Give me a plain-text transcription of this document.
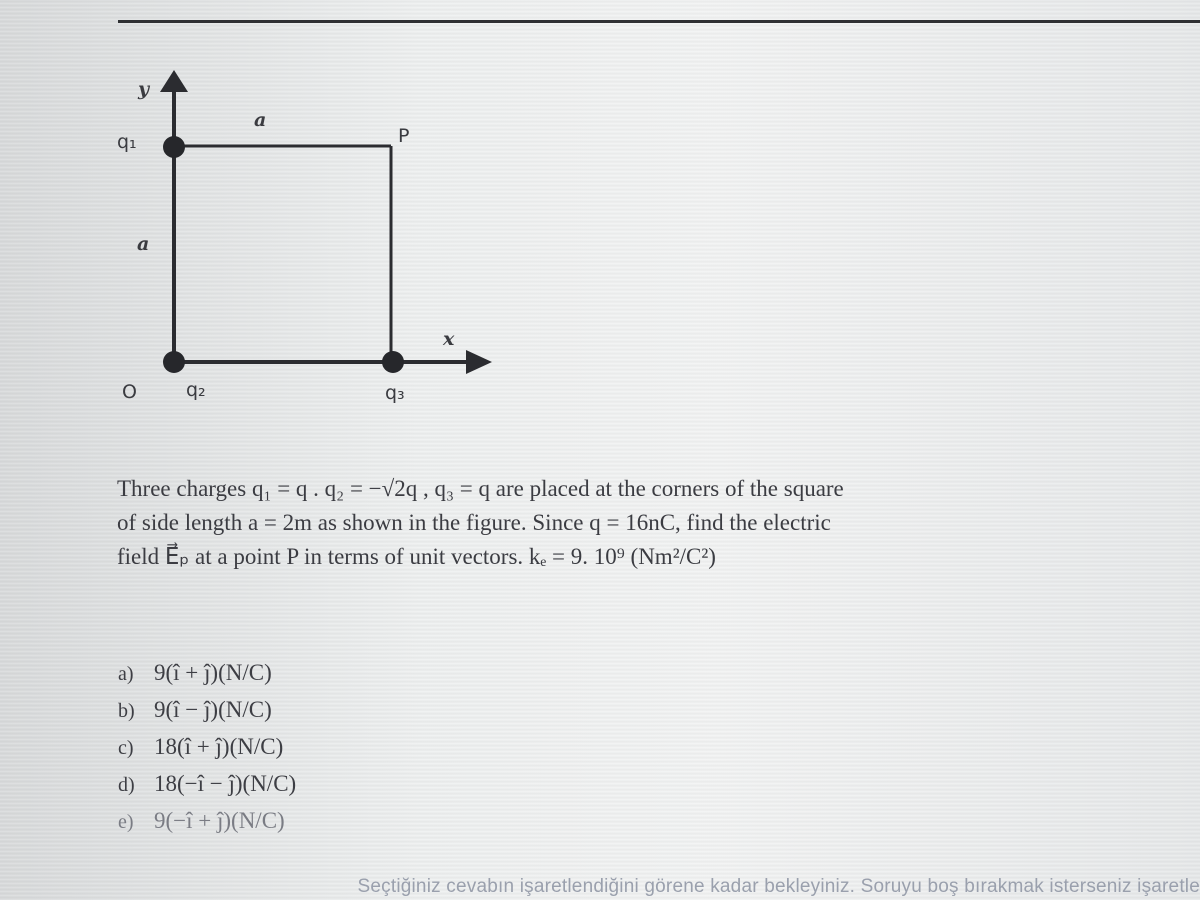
y
q₁
a
P
a
x
O	q₂	q₃

Three charges q₁ = q . q₂ = −√2q , q₃ = q are placed at the corners of the square

of side length a = 2m as shown in the figure. Since q = 16nC, find the electric

field E⃗ₚ at a point P in terms of unit vectors. kₑ = 9. 10⁹ (Nm²/C²)

a) 9(î + ĵ)(N/C)
b) 9(î − ĵ)(N/C)
c) 18(î + ĵ)(N/C)
d) 18(−î − ĵ)(N/C)
e) 9(−î + ĵ)(N/C)
Seçtiğiniz cevabın işaretlendiğini görene kadar bekleyiniz. Soruyu boş bırakmak isterseniz işaretle
